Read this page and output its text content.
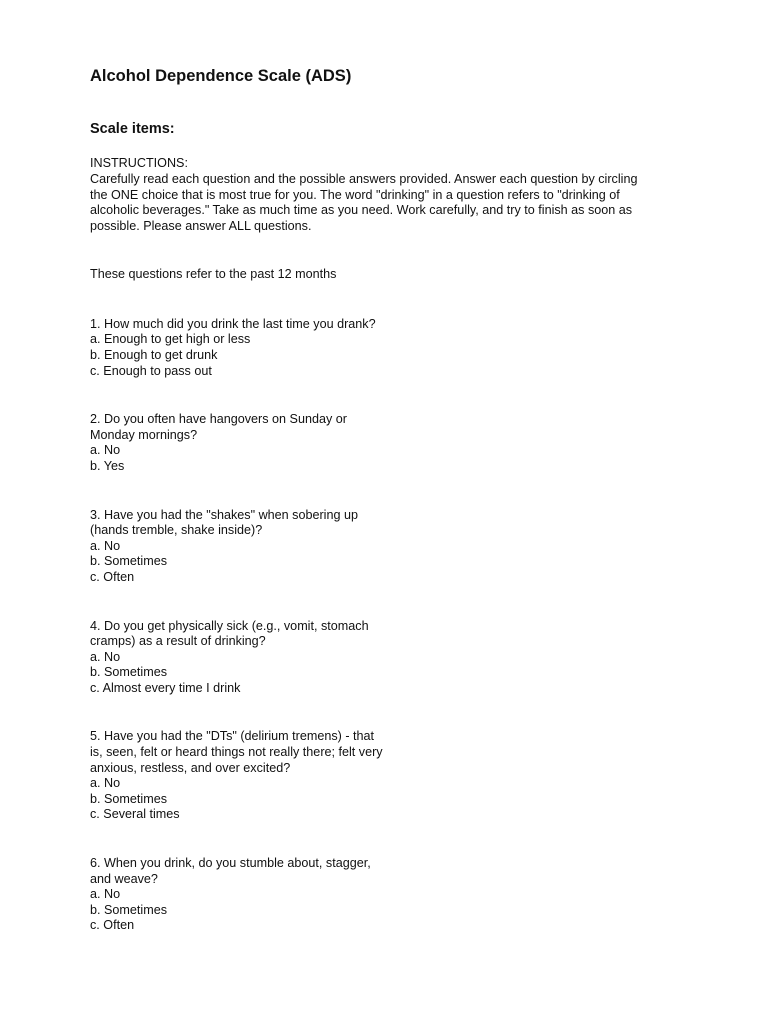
Alcohol Dependence Scale (ADS)
Scale items:
INSTRUCTIONS:
Carefully read each question and the possible answers provided. Answer each question by circling
the ONE choice that is most true for you. The word "drinking" in a question refers to "drinking of
alcoholic beverages." Take as much time as you need. Work carefully, and try to finish as soon as
possible. Please answer ALL questions.
These questions refer to the past 12 months
1. How much did you drink the last time you drank?
a. Enough to get high or less
b. Enough to get drunk
c. Enough to pass out
2. Do you often have hangovers on Sunday or
Monday mornings?
a. No
b. Yes
3. Have you had the "shakes" when sobering up
(hands tremble, shake inside)?
a. No
b. Sometimes
c. Often
4. Do you get physically sick (e.g., vomit, stomach
cramps) as a result of drinking?
a. No
b. Sometimes
c. Almost every time I drink
5. Have you had the "DTs" (delirium tremens) - that
is, seen, felt or heard things not really there; felt very
anxious, restless, and over excited?
a. No
b. Sometimes
c. Several times
6. When you drink, do you stumble about, stagger,
and weave?
a. No
b. Sometimes
c. Often
